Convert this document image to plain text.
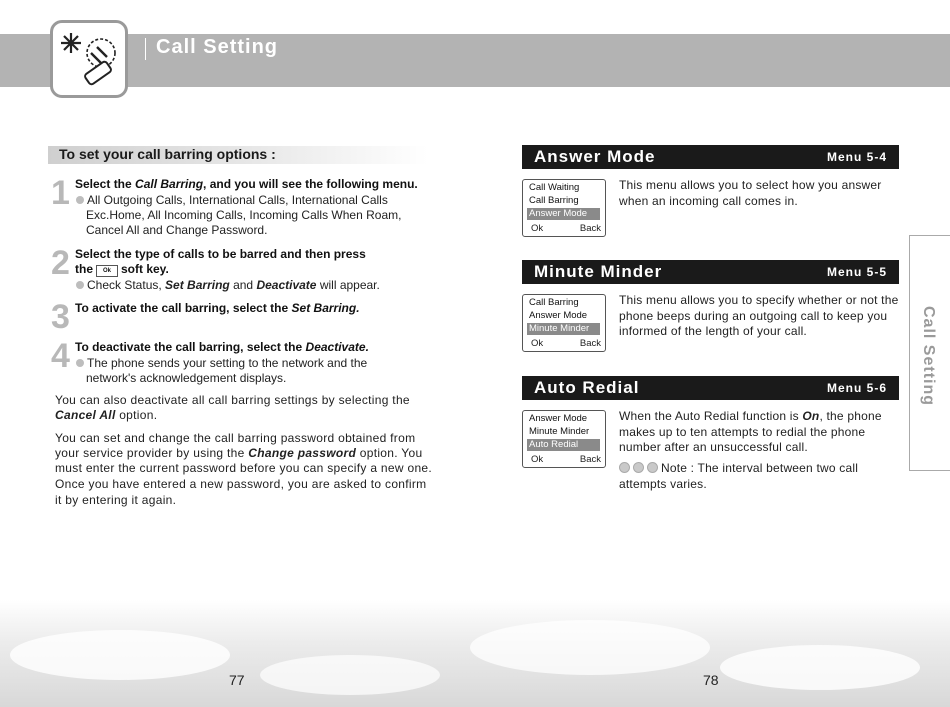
Call Setting
To set your call barring options :
1 Select the Call Barring, and you will see the following menu.
All Outgoing Calls, International Calls, International Calls
Exc.Home, All Incoming Calls, Incoming Calls When Roam,
Cancel All and Change Password.
2 Select the type of calls to be barred and then press
the Ok soft key.
Check Status, Set Barring and Deactivate will appear.
3 To activate the call barring, select the Set Barring.
4 To deactivate the call barring, select the Deactivate.
The phone sends your setting to the network and the
network's acknowledgement displays.
You can also deactivate all call barring settings by selecting the
Cancel All option.
You can set and change the call barring password obtained from
your service provider by using the Change password option. You
must enter the current password before you can specify a new one.
Once you have entered a new password, you are asked to confirm
it by entering it again.
Answer Mode	Menu 5-4
Call Waiting
Call Barring
Answer Mode
Ok	Back
This menu allows you to select how you answer when an incoming call comes in.
Minute Minder	Menu 5-5
Call Barring
Answer Mode
Minute Minder
Ok	Back
This menu allows you to specify whether or not the phone beeps during an outgoing call to keep you informed of the length of your call.
Auto Redial	Menu 5-6
Answer Mode
Minute Minder
Auto Redial
Ok	Back
When the Auto Redial function is On, the phone makes up to ten attempts to redial the phone number after an unsuccessful call.
Note : The interval between two call attempts varies.
Call Setting
77	78
